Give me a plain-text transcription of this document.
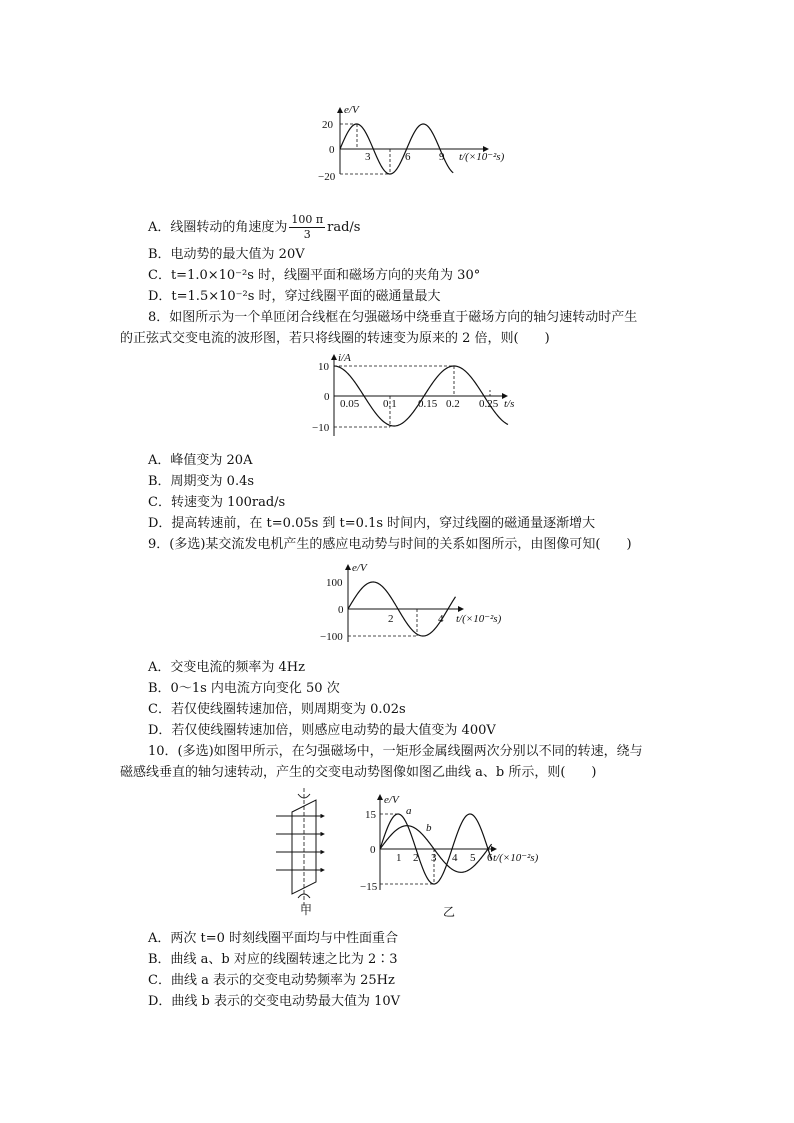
e/V
t/(×10⁻²s)
20
0
−20
3	6	9
A．线圈转动的角速度为 $\frac{100 \pi}{3} rad/s$
B．电动势的最大值为 20V
C．t=1.0×10⁻²s 时，线圈平面和磁场方向的夹角为 30°
D．t=1.5×10⁻²s 时，穿过线圈平面的磁通量最大
8．如图所示为一个单匝闭合线框在匀强磁场中绕垂直于磁场方向的轴匀速转动时产生
的正弦式交变电流的波形图，若只将线圈的转速变为原来的 2 倍，则(　　)
i/A
t/s
10
0
−10
0.05 0.1 0.15 0.2 0.25
A．峰值变为 20A
B．周期变为 0.4s
C．转速变为 100rad/s
D．提高转速前，在 t=0.05s 到 t=0.1s 时间内，穿过线圈的磁通量逐渐增大
9．(多选)某交流发电机产生的感应电动势与时间的关系如图所示，由图像可知(　　)
e/V
t/(×10⁻²s)
100
0
−100
2	4
A．交变电流的频率为 4Hz
B．0～1s 内电流方向变化 50 次
C．若仅使线圈转速加倍，则周期变为 0.02s
D．若仅使线圈转速加倍，则感应电动势的最大值变为 400V
10．(多选)如图甲所示，在匀强磁场中，一矩形金属线圈两次分别以不同的转速，绕与
磁感线垂直的轴匀速转动，产生的交变电动势图像如图乙曲线 a、b 所示，则(　　)
甲
e/V
t/(×10⁻²s)
15
0
−15
1 2 3 4 5 6
a
b
乙
A．两次 t=0 时刻线圈平面均与中性面重合
B．曲线 a、b 对应的线圈转速之比为 2∶3
C．曲线 a 表示的交变电动势频率为 25Hz
D．曲线 b 表示的交变电动势最大值为 10V
